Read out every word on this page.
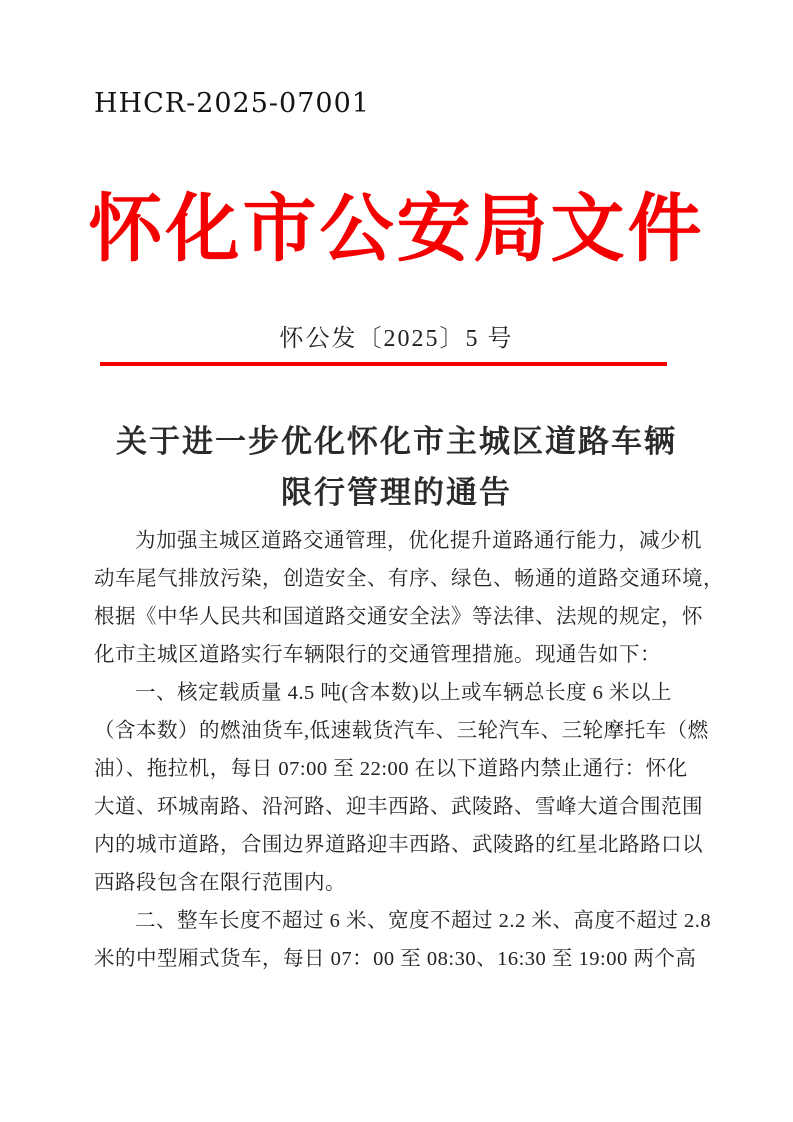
HHCR-2025-07001
怀化市公安局文件
怀公发〔2025〕5 号
关于进一步优化怀化市主城区道路车辆
限行管理的通告
为加强主城区道路交通管理，优化提升道路通行能力，减少机
动车尾气排放污染，创造安全、有序、绿色、畅通的道路交通环境，
根据《中华人民共和国道路交通安全法》等法律、法规的规定，怀
化市主城区道路实行车辆限行的交通管理措施。现通告如下：
一、核定载质量 4.5 吨(含本数)以上或车辆总长度 6 米以上
（含本数）的燃油货车,低速载货汽车、三轮汽车、三轮摩托车（燃
油）、拖拉机，每日 07:00 至 22:00 在以下道路内禁止通行：怀化
大道、环城南路、沿河路、迎丰西路、武陵路、雪峰大道合围范围
内的城市道路，合围边界道路迎丰西路、武陵路的红星北路路口以
西路段包含在限行范围内。
二、整车长度不超过 6 米、宽度不超过 2.2 米、高度不超过 2.8
米的中型厢式货车，每日 07：00 至 08:30、16:30 至 19:00 两个高
